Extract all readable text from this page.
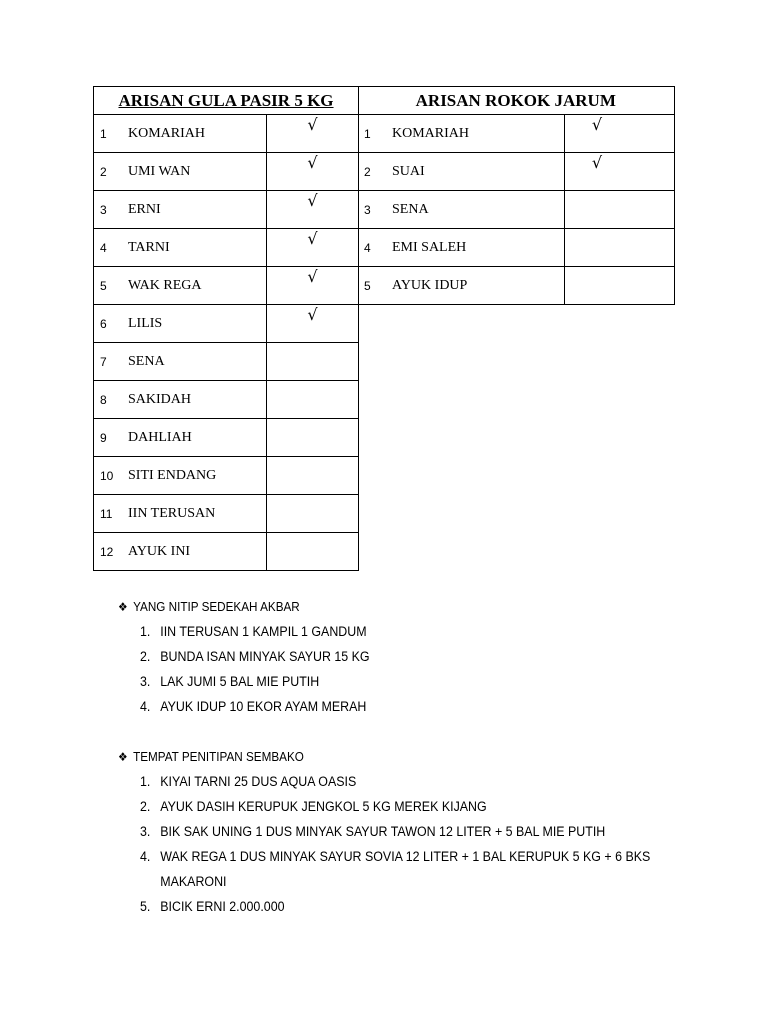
ARISAN GULA PASIR 5 KG	

1 KOMARIAH	√

2 UMI WAN	√

3 ERNI	√

4 TARNI	√

5 WAK REGA	√

6 LILIS	√

7 SENA	

8 SAKIDAH	

9 DAHLIAH	

10 SITI ENDANG	

11 IIN TERUSAN	

12 AYUK INI	

ARISAN ROKOK JARUM	

1 KOMARIAH	√

2 SUAI	√

3 SENA	

4 EMI SALEH	

5 AYUK IDUP	

❖ YANG NITIP SEDEKAH AKBAR
1. IIN TERUSAN 1 KAMPIL 1 GANDUM
2. BUNDA ISAN MINYAK SAYUR 15 KG
3. LAK JUMI 5 BAL MIE PUTIH
4. AYUK IDUP 10 EKOR AYAM MERAH
❖ TEMPAT PENITIPAN SEMBAKO
1. KIYAI TARNI 25 DUS AQUA OASIS
2. AYUK DASIH KERUPUK JENGKOL 5 KG MEREK KIJANG
3. BIK SAK UNING 1 DUS MINYAK SAYUR TAWON 12 LITER + 5 BAL MIE PUTIH
4. WAK REGA 1 DUS MINYAK SAYUR SOVIA 12 LITER + 1 BAL KERUPUK 5 KG + 6 BKS
MAKARONI
5. BICIK ERNI 2.000.000
